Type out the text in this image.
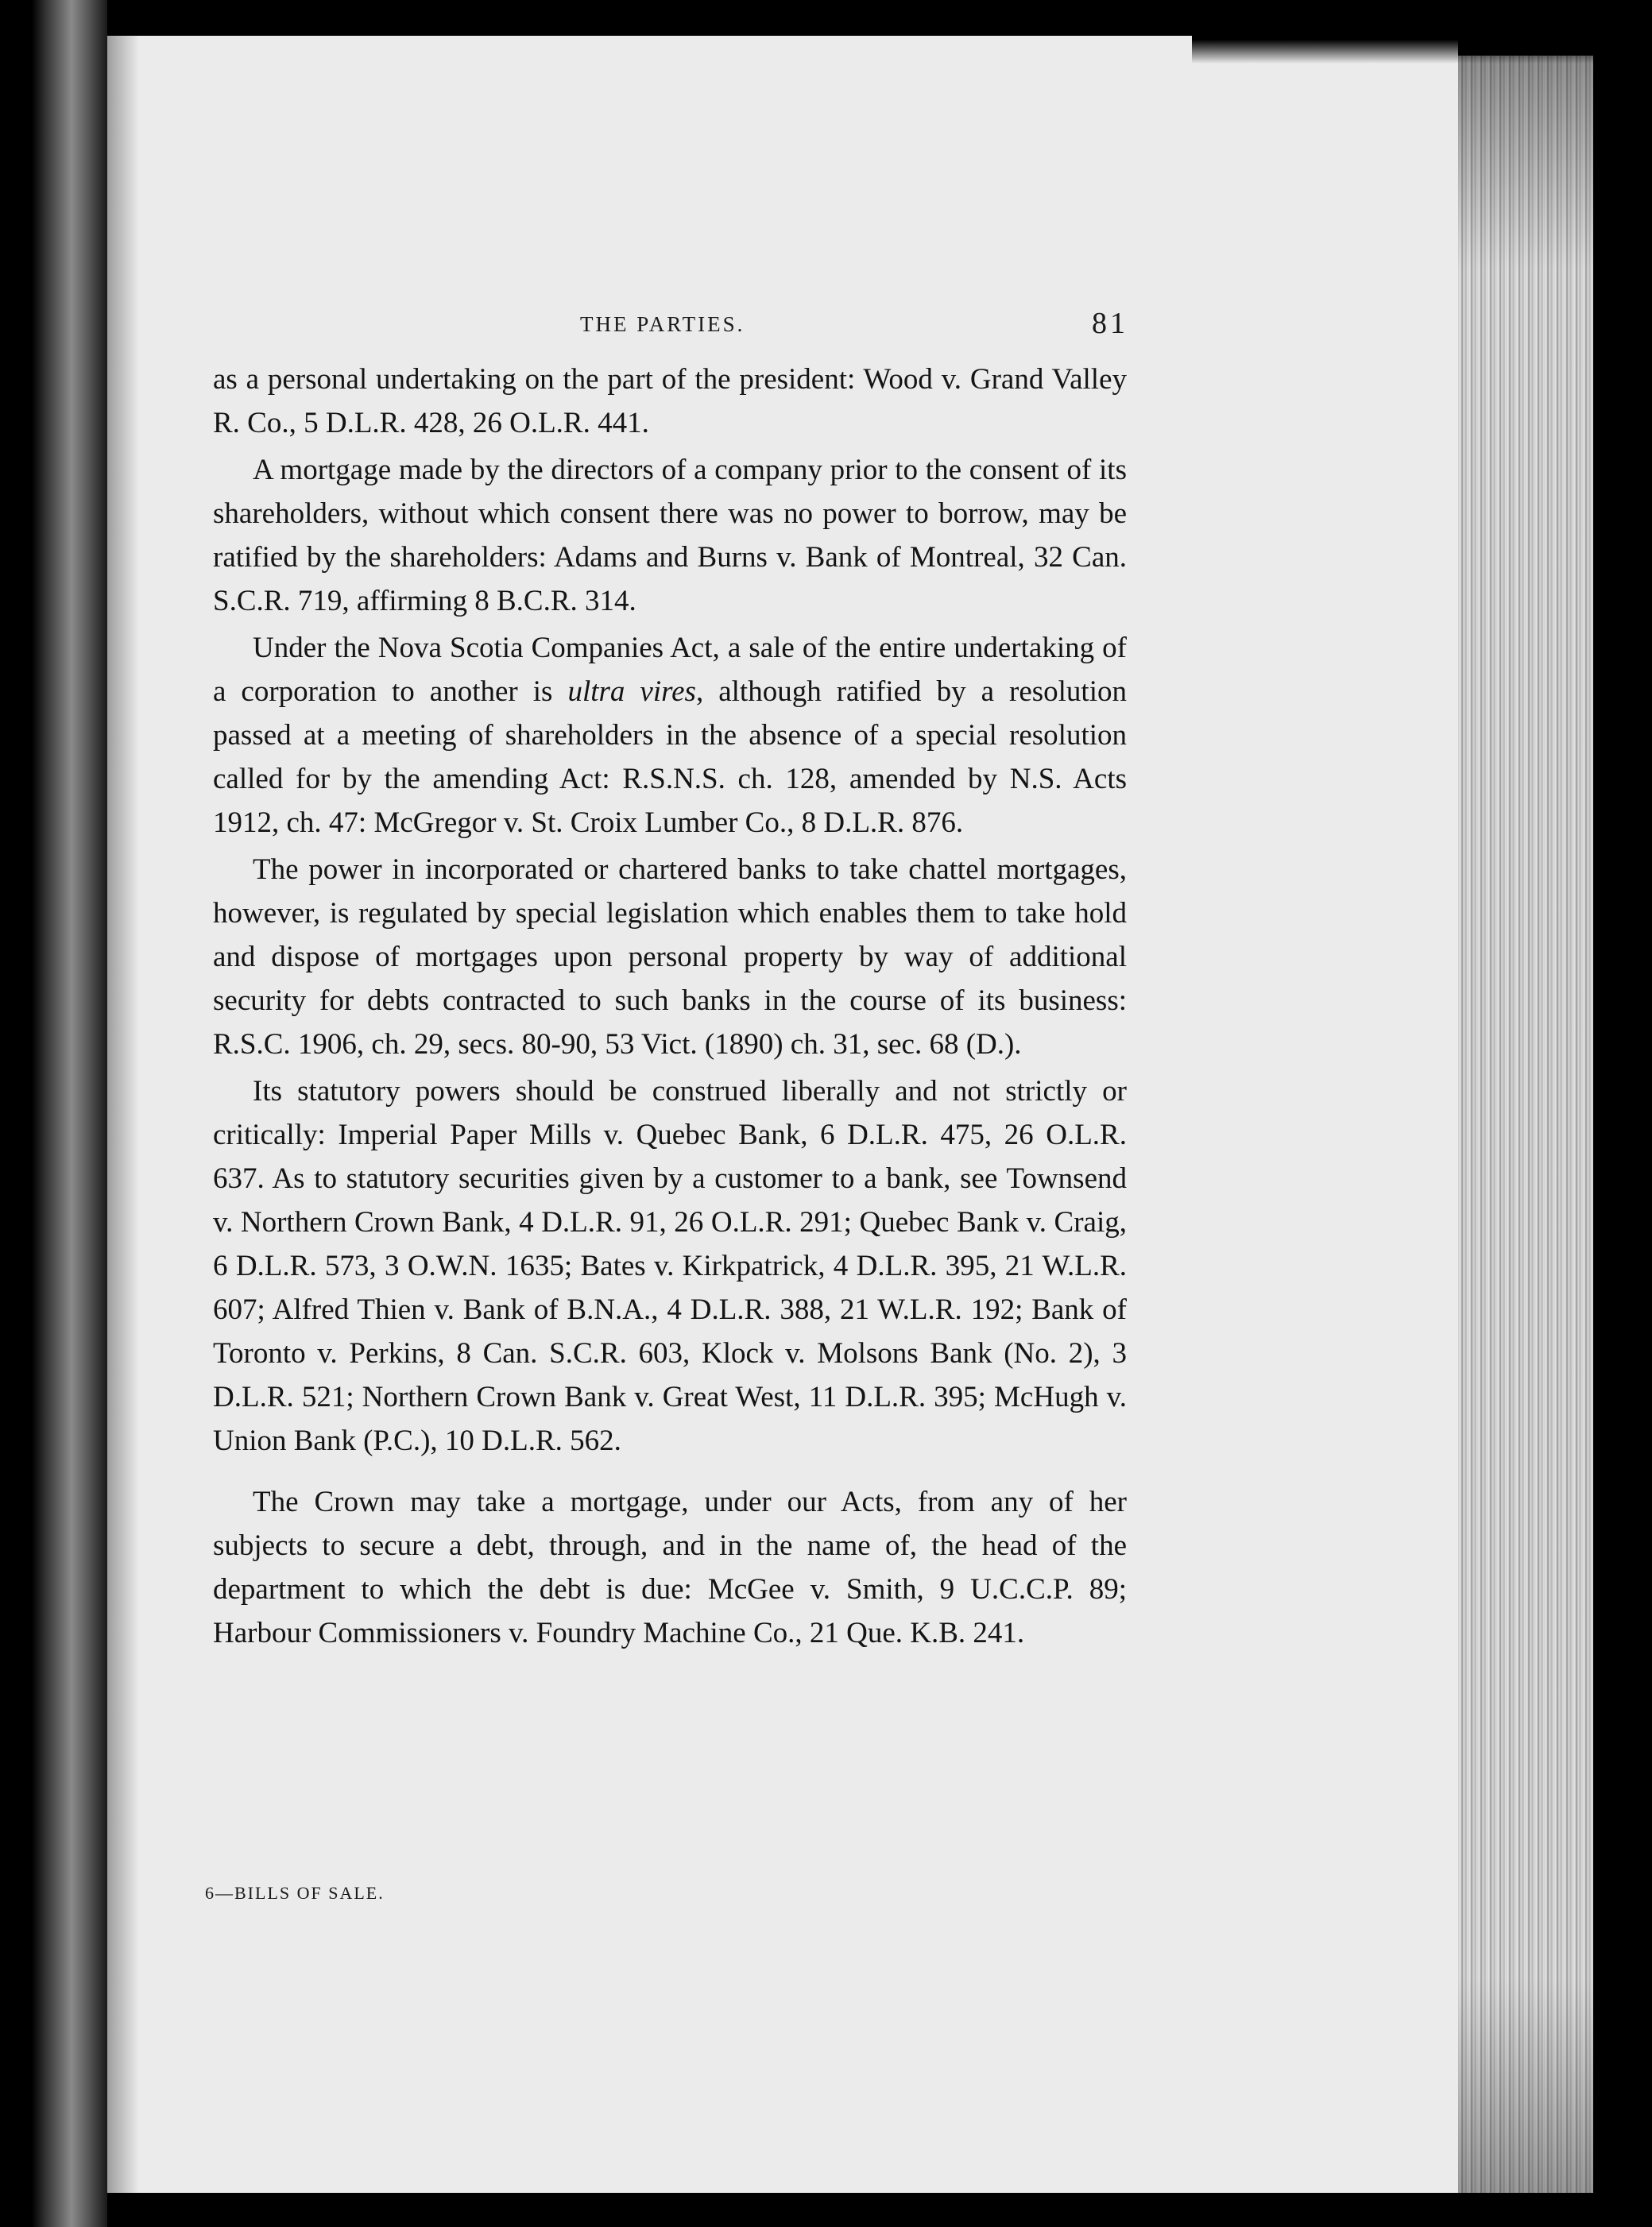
THE PARTIES.	81

as a personal undertaking on the part of the president: Wood v. Grand Valley R. Co., 5 D.L.R. 428, 26 O.L.R. 441.

A mortgage made by the directors of a company prior to the consent of its shareholders, without which consent there was no power to borrow, may be ratified by the shareholders: Adams and Burns v. Bank of Montreal, 32 Can. S.C.R. 719, affirming 8 B.C.R. 314.

Under the Nova Scotia Companies Act, a sale of the entire undertaking of a corporation to another is ultra vires, although ratified by a resolution passed at a meeting of shareholders in the absence of a special resolution called for by the amending Act: R.S.N.S. ch. 128, amended by N.S. Acts 1912, ch. 47: McGregor v. St. Croix Lumber Co., 8 D.L.R. 876.

The power in incorporated or chartered banks to take chattel mortgages, however, is regulated by special legislation which enables them to take hold and dispose of mortgages upon personal property by way of additional security for debts contracted to such banks in the course of its business: R.S.C. 1906, ch. 29, secs. 80-90, 53 Vict. (1890) ch. 31, sec. 68 (D.).

Its statutory powers should be construed liberally and not strictly or critically: Imperial Paper Mills v. Quebec Bank, 6 D.L.R. 475, 26 O.L.R. 637. As to statutory securities given by a customer to a bank, see Townsend v. Northern Crown Bank, 4 D.L.R. 91, 26 O.L.R. 291; Quebec Bank v. Craig, 6 D.L.R. 573, 3 O.W.N. 1635; Bates v. Kirkpatrick, 4 D.L.R. 395, 21 W.L.R. 607; Alfred Thien v. Bank of B.N.A., 4 D.L.R. 388, 21 W.L.R. 192; Bank of Toronto v. Perkins, 8 Can. S.C.R. 603, Klock v. Molsons Bank (No. 2), 3 D.L.R. 521; Northern Crown Bank v. Great West, 11 D.L.R. 395; McHugh v. Union Bank (P.C.), 10 D.L.R. 562.

The Crown may take a mortgage, under our Acts, from any of her subjects to secure a debt, through, and in the name of, the head of the department to which the debt is due: McGee v. Smith, 9 U.C.C.P. 89; Harbour Commissioners v. Foundry Machine Co., 21 Que. K.B. 241.

6—BILLS OF SALE.
